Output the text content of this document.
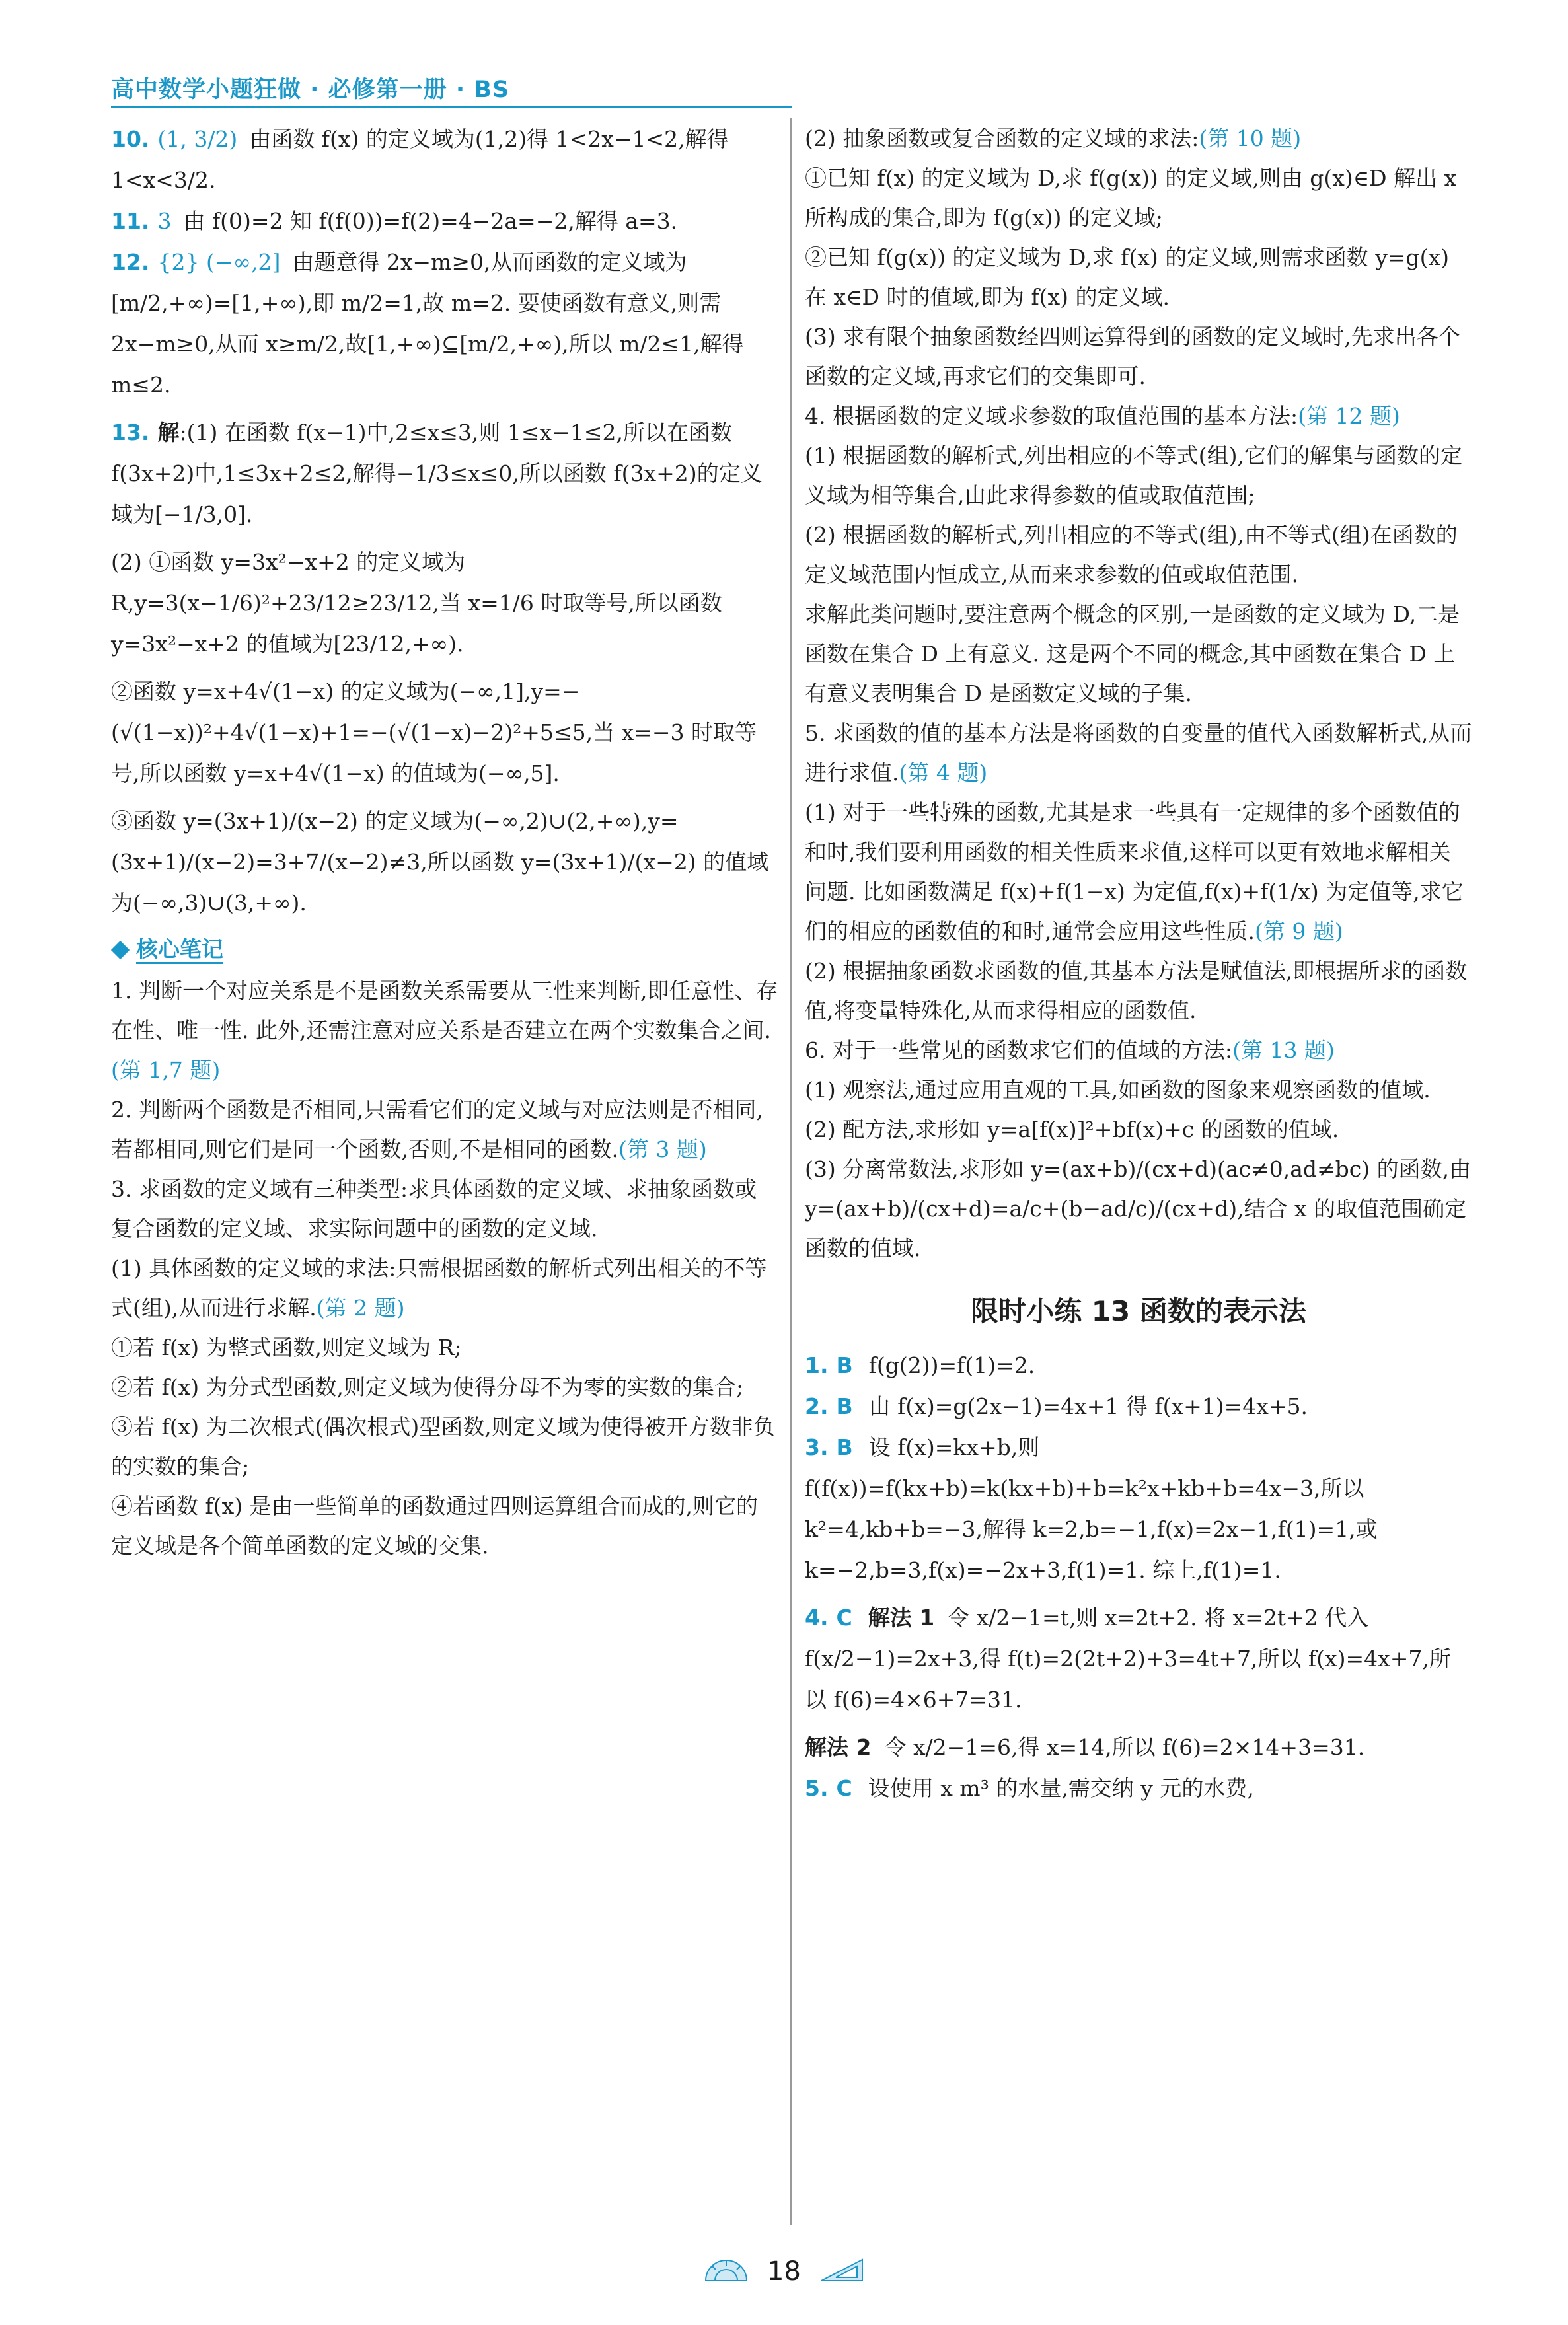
高中数学小题狂做 · 必修第一册 · BS

10. (1, 3/2) 由函数 f(x) 的定义域为(1,2)得 1<2x−1<2,解得 1<x<3/2.

11. 3 由 f(0)=2 知 f(f(0))=f(2)=4−2a=−2,解得 a=3.

12. {2} (−∞,2] 由题意得 2x−m≥0,从而函数的定义域为[m/2,+∞)=[1,+∞),即 m/2=1,故 m=2. 要使函数有意义,则需 2x−m≥0,从而 x≥m/2,故[1,+∞)⊆[m/2,+∞),所以 m/2≤1,解得 m≤2.

13. 解:(1) 在函数 f(x−1)中,2≤x≤3,则 1≤x−1≤2,所以在函数 f(3x+2)中,1≤3x+2≤2,解得−1/3≤x≤0,所以函数 f(3x+2)的定义域为[−1/3,0].

(2) ①函数 y=3x²−x+2 的定义域为 R,y=3(x−1/6)²+23/12≥23/12,当 x=1/6 时取等号,所以函数 y=3x²−x+2 的值域为[23/12,+∞).

②函数 y=x+4√(1−x) 的定义域为(−∞,1],y=−(√(1−x))²+4√(1−x)+1=−(√(1−x)−2)²+5≤5,当 x=−3 时取等号,所以函数 y=x+4√(1−x) 的值域为(−∞,5].

③函数 y=(3x+1)/(x−2) 的定义域为(−∞,2)∪(2,+∞),y=(3x+1)/(x−2)=3+7/(x−2)≠3,所以函数 y=(3x+1)/(x−2) 的值域为(−∞,3)∪(3,+∞).

核心笔记

1. 判断一个对应关系是不是函数关系需要从三性来判断,即任意性、存在性、唯一性. 此外,还需注意对应关系是否建立在两个实数集合之间.(第 1,7 题)

2. 判断两个函数是否相同,只需看它们的定义域与对应法则是否相同,若都相同,则它们是同一个函数,否则,不是相同的函数.(第 3 题)

3. 求函数的定义域有三种类型:求具体函数的定义域、求抽象函数或复合函数的定义域、求实际问题中的函数的定义域.

(1) 具体函数的定义域的求法:只需根据函数的解析式列出相关的不等式(组),从而进行求解.(第 2 题)

①若 f(x) 为整式函数,则定义域为 R;

②若 f(x) 为分式型函数,则定义域为使得分母不为零的实数的集合;

③若 f(x) 为二次根式(偶次根式)型函数,则定义域为使得被开方数非负的实数的集合;

④若函数 f(x) 是由一些简单的函数通过四则运算组合而成的,则它的定义域是各个简单函数的定义域的交集.

(2) 抽象函数或复合函数的定义域的求法:(第 10 题)

①已知 f(x) 的定义域为 D,求 f(g(x)) 的定义域,则由 g(x)∈D 解出 x 所构成的集合,即为 f(g(x)) 的定义域;

②已知 f(g(x)) 的定义域为 D,求 f(x) 的定义域,则需求函数 y=g(x) 在 x∈D 时的值域,即为 f(x) 的定义域.

(3) 求有限个抽象函数经四则运算得到的函数的定义域时,先求出各个函数的定义域,再求它们的交集即可.

4. 根据函数的定义域求参数的取值范围的基本方法:(第 12 题)

(1) 根据函数的解析式,列出相应的不等式(组),它们的解集与函数的定义域为相等集合,由此求得参数的值或取值范围;

(2) 根据函数的解析式,列出相应的不等式(组),由不等式(组)在函数的定义域范围内恒成立,从而来求参数的值或取值范围.

求解此类问题时,要注意两个概念的区别,一是函数的定义域为 D,二是函数在集合 D 上有意义. 这是两个不同的概念,其中函数在集合 D 上有意义表明集合 D 是函数定义域的子集.

5. 求函数的值的基本方法是将函数的自变量的值代入函数解析式,从而进行求值.(第 4 题)

(1) 对于一些特殊的函数,尤其是求一些具有一定规律的多个函数值的和时,我们要利用函数的相关性质来求值,这样可以更有效地求解相关问题. 比如函数满足 f(x)+f(1−x) 为定值,f(x)+f(1/x) 为定值等,求它们的相应的函数值的和时,通常会应用这些性质.(第 9 题)

(2) 根据抽象函数求函数的值,其基本方法是赋值法,即根据所求的函数值,将变量特殊化,从而求得相应的函数值.

6. 对于一些常见的函数求它们的值域的方法:(第 13 题)

(1) 观察法,通过应用直观的工具,如函数的图象来观察函数的值域.

(2) 配方法,求形如 y=a[f(x)]²+bf(x)+c 的函数的值域.

(3) 分离常数法,求形如 y=(ax+b)/(cx+d)(ac≠0,ad≠bc) 的函数,由 y=(ax+b)/(cx+d)=a/c+(b−ad/c)/(cx+d),结合 x 的取值范围确定函数的值域.

限时小练 13 函数的表示法

1. B f(g(2))=f(1)=2.

2. B 由 f(x)=g(2x−1)=4x+1 得 f(x+1)=4x+5.

3. B 设 f(x)=kx+b,则 f(f(x))=f(kx+b)=k(kx+b)+b=k²x+kb+b=4x−3,所以 k²=4,kb+b=−3,解得 k=2,b=−1,f(x)=2x−1,f(1)=1,或 k=−2,b=3,f(x)=−2x+3,f(1)=1. 综上,f(1)=1.

4. C 解法 1 令 x/2−1=t,则 x=2t+2. 将 x=2t+2 代入 f(x/2−1)=2x+3,得 f(t)=2(2t+2)+3=4t+7,所以 f(x)=4x+7,所以 f(6)=4×6+7=31.

解法 2 令 x/2−1=6,得 x=14,所以 f(6)=2×14+3=31.

5. C 设使用 x m³ 的水量,需交纳 y 元的水费,

18
